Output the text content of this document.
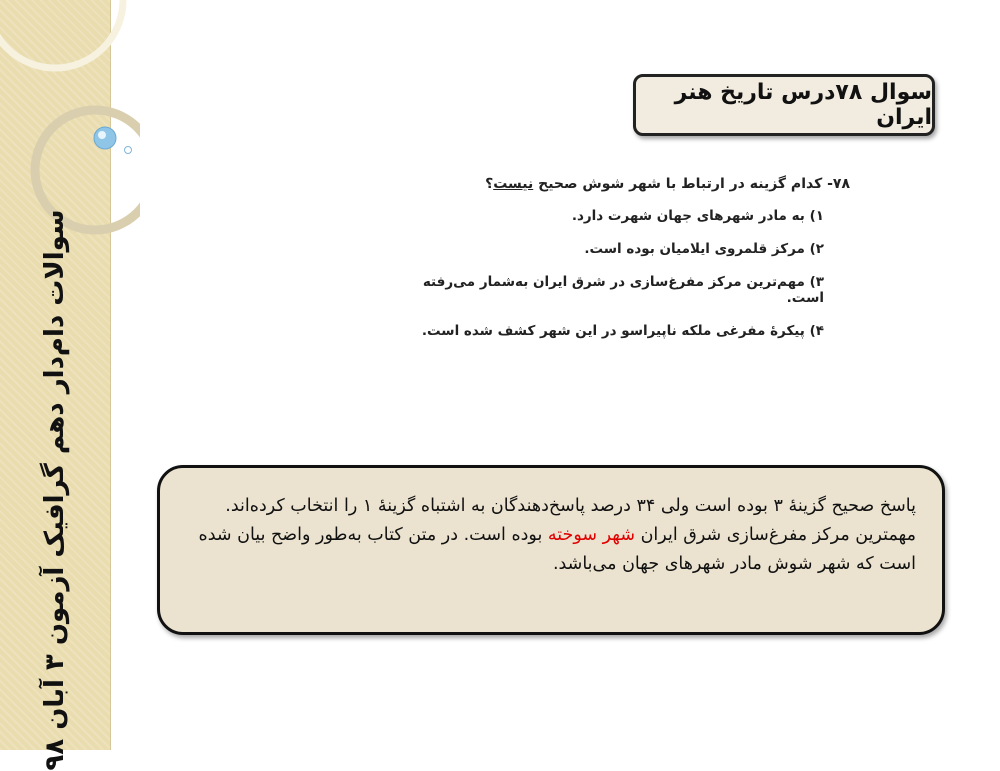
سوالات دام‌دار دهم گرافیک آزمون ۳ آبان ۹۸
سوال ۷۸درس تاریخ هنر ایران
۷۸- کدام گزینه در ارتباط با شهر شوش صحیح نیست؟
۱) به مادر شهرهای جهان شهرت دارد.
۲) مرکز قلمروی ایلامیان بوده است.
۳) مهم‌ترین مرکز مفرغ‌سازی در شرق ایران به‌شمار می‌رفته است.
۴) پیکرهٔ مفرغی ملکه ناپیراسو در این شهر کشف شده است.
پاسخ صحیح گزینهٔ ۳ بوده است ولی ۳۴ درصد پاسخ‌دهندگان به اشتباه گزینهٔ ۱ را انتخاب کرده‌اند.
مهمترین مرکز مفرغ‌سازی شرق ایران شهر سوخته بوده است. در متن کتاب به‌طور واضح بیان شده است که شهر شوش مادر شهرهای جهان می‌باشد.
